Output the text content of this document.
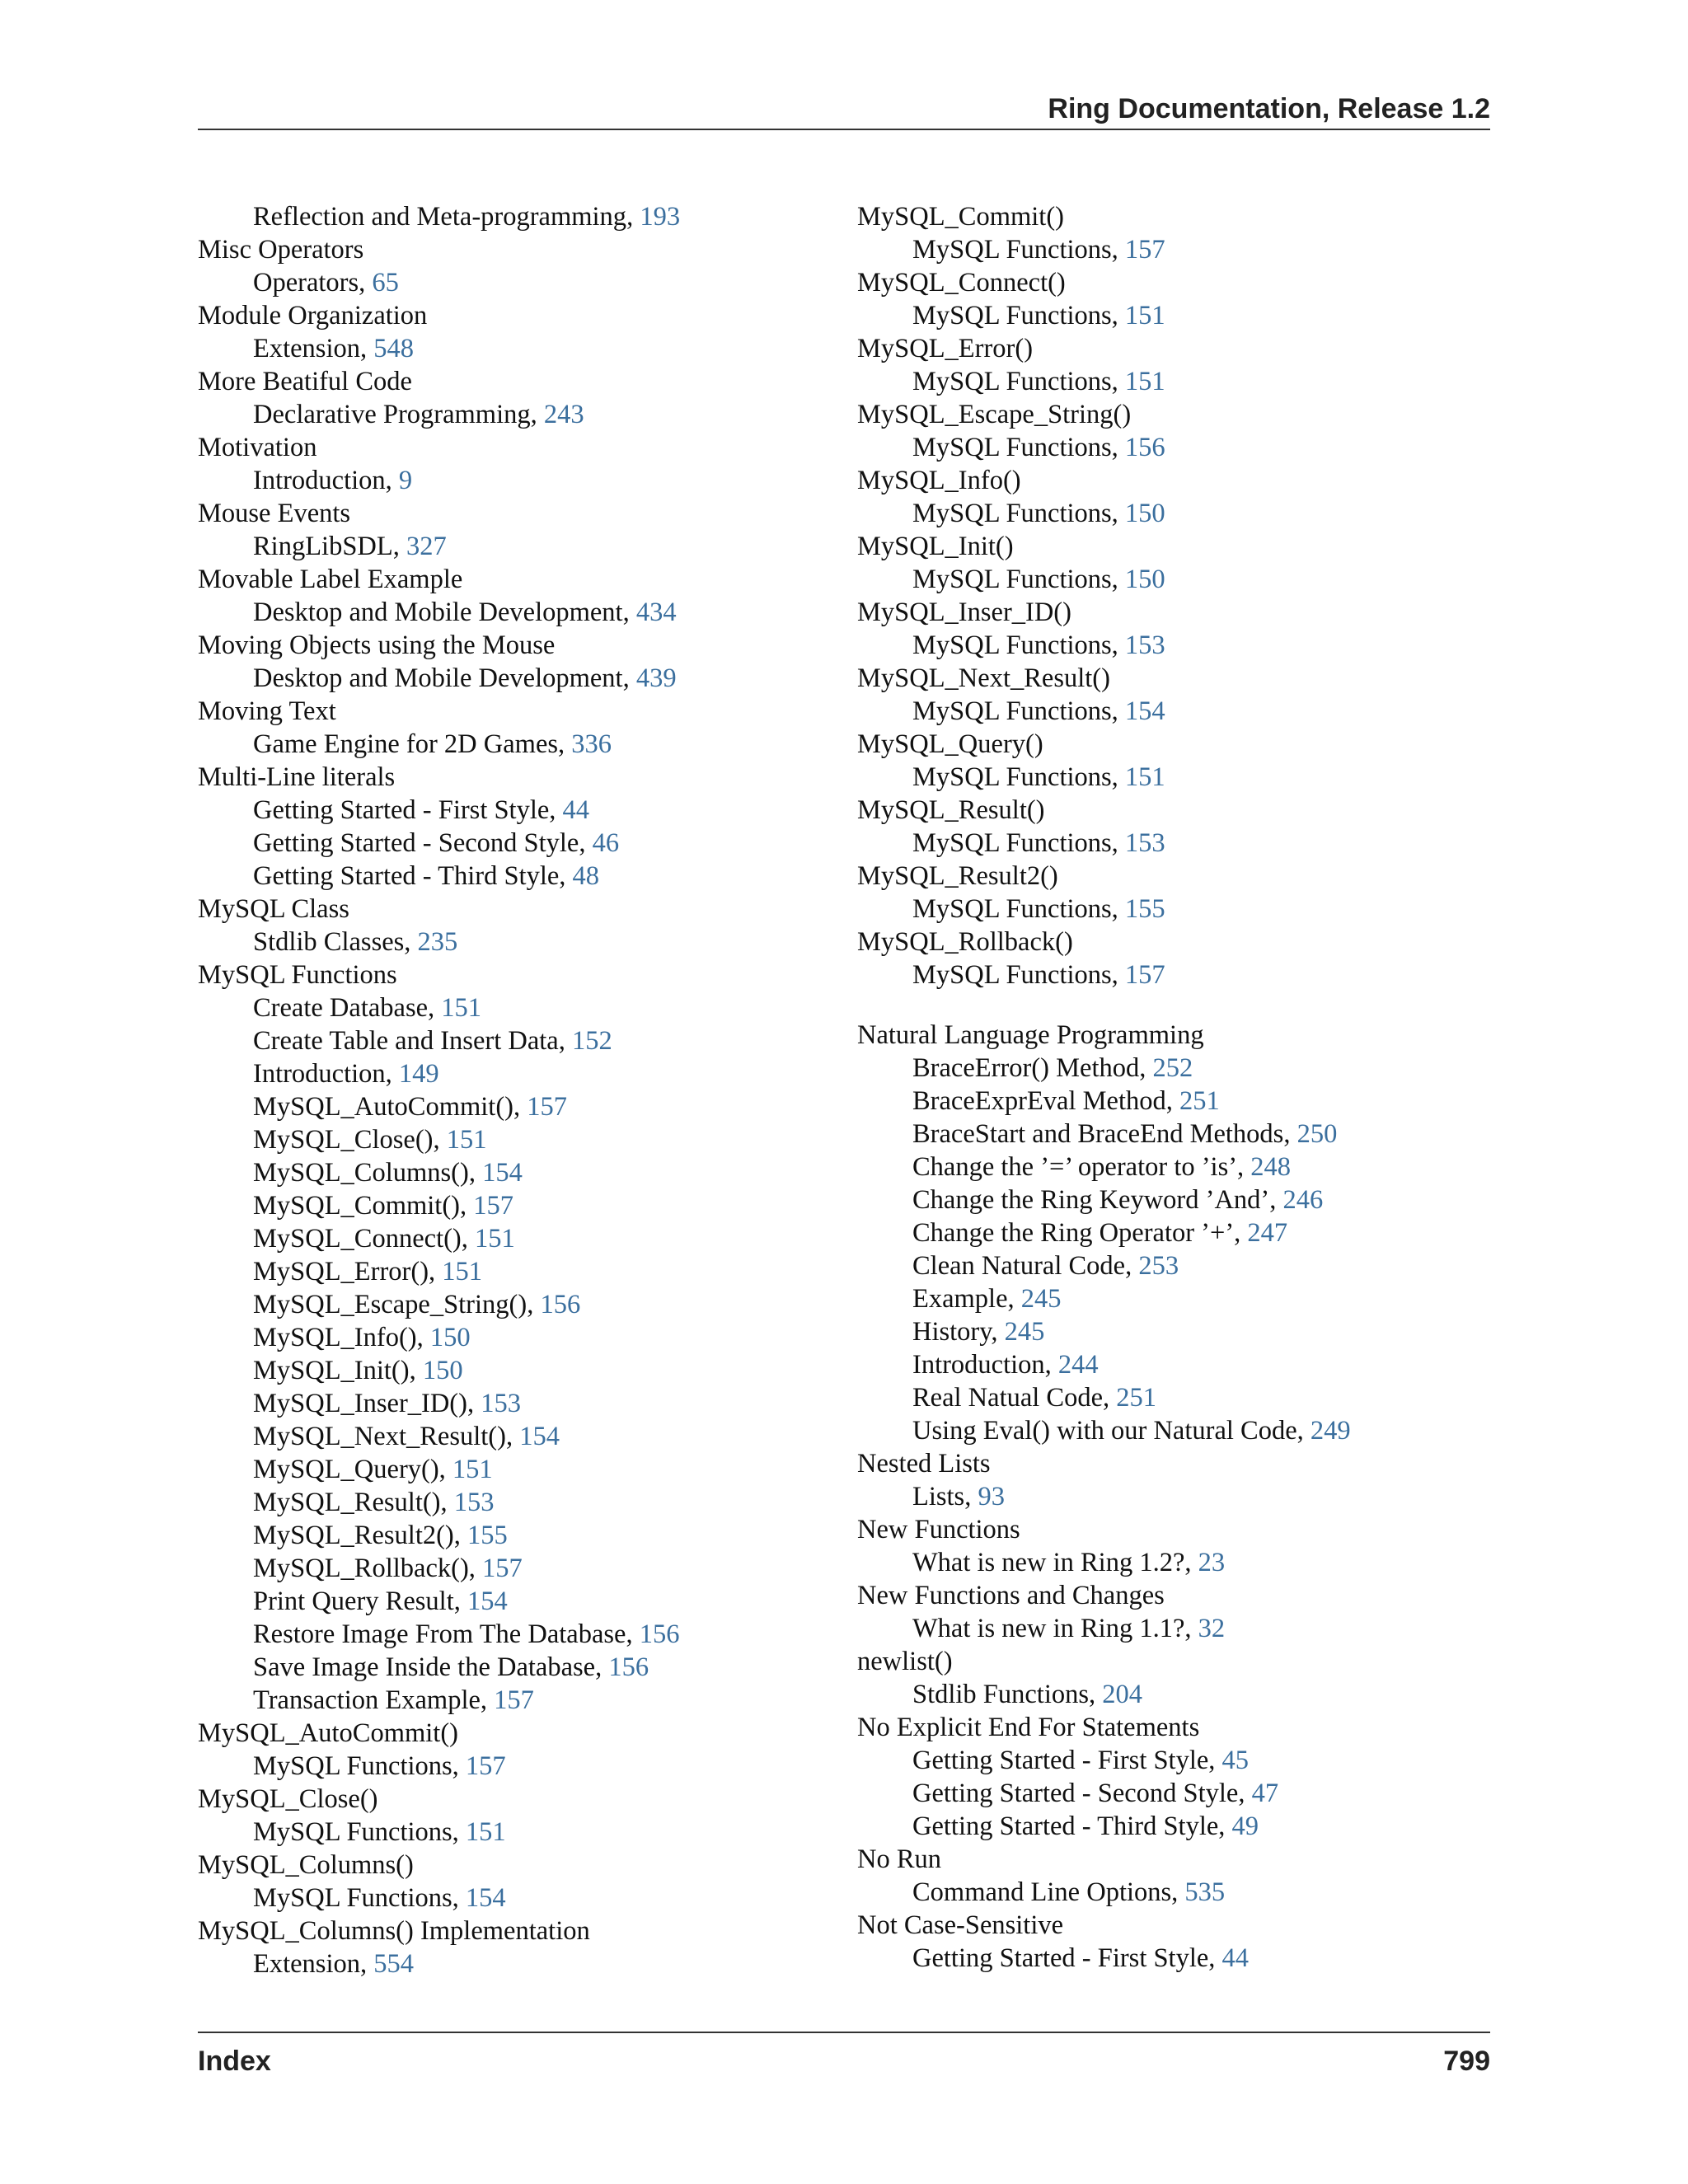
Ring Documentation, Release 1.2
Reflection and Meta-programming, 193
Misc Operators
Operators, 65
Module Organization
Extension, 548
More Beatiful Code
Declarative Programming, 243
Motivation
Introduction, 9
Mouse Events
RingLibSDL, 327
Movable Label Example
Desktop and Mobile Development, 434
Moving Objects using the Mouse
Desktop and Mobile Development, 439
Moving Text
Game Engine for 2D Games, 336
Multi-Line literals
Getting Started - First Style, 44
Getting Started - Second Style, 46
Getting Started - Third Style, 48
MySQL Class
Stdlib Classes, 235
MySQL Functions
Create Database, 151
Create Table and Insert Data, 152
Introduction, 149
MySQL_AutoCommit(), 157
MySQL_Close(), 151
MySQL_Columns(), 154
MySQL_Commit(), 157
MySQL_Connect(), 151
MySQL_Error(), 151
MySQL_Escape_String(), 156
MySQL_Info(), 150
MySQL_Init(), 150
MySQL_Inser_ID(), 153
MySQL_Next_Result(), 154
MySQL_Query(), 151
MySQL_Result(), 153
MySQL_Result2(), 155
MySQL_Rollback(), 157
Print Query Result, 154
Restore Image From The Database, 156
Save Image Inside the Database, 156
Transaction Example, 157
MySQL_AutoCommit()
MySQL Functions, 157
MySQL_Close()
MySQL Functions, 151
MySQL_Columns()
MySQL Functions, 154
MySQL_Columns() Implementation
Extension, 554
MySQL_Commit()
MySQL Functions, 157
MySQL_Connect()
MySQL Functions, 151
MySQL_Error()
MySQL Functions, 151
MySQL_Escape_String()
MySQL Functions, 156
MySQL_Info()
MySQL Functions, 150
MySQL_Init()
MySQL Functions, 150
MySQL_Inser_ID()
MySQL Functions, 153
MySQL_Next_Result()
MySQL Functions, 154
MySQL_Query()
MySQL Functions, 151
MySQL_Result()
MySQL Functions, 153
MySQL_Result2()
MySQL Functions, 155
MySQL_Rollback()
MySQL Functions, 157
Natural Language Programming
BraceError() Method, 252
BraceExprEval Method, 251
BraceStart and BraceEnd Methods, 250
Change the ’=’ operator to ’is’, 248
Change the Ring Keyword ’And’, 246
Change the Ring Operator ’+’, 247
Clean Natural Code, 253
Example, 245
History, 245
Introduction, 244
Real Natual Code, 251
Using Eval() with our Natural Code, 249
Nested Lists
Lists, 93
New Functions
What is new in Ring 1.2?, 23
New Functions and Changes
What is new in Ring 1.1?, 32
newlist()
Stdlib Functions, 204
No Explicit End For Statements
Getting Started - First Style, 45
Getting Started - Second Style, 47
Getting Started - Third Style, 49
No Run
Command Line Options, 535
Not Case-Sensitive
Getting Started - First Style, 44
Index	799
